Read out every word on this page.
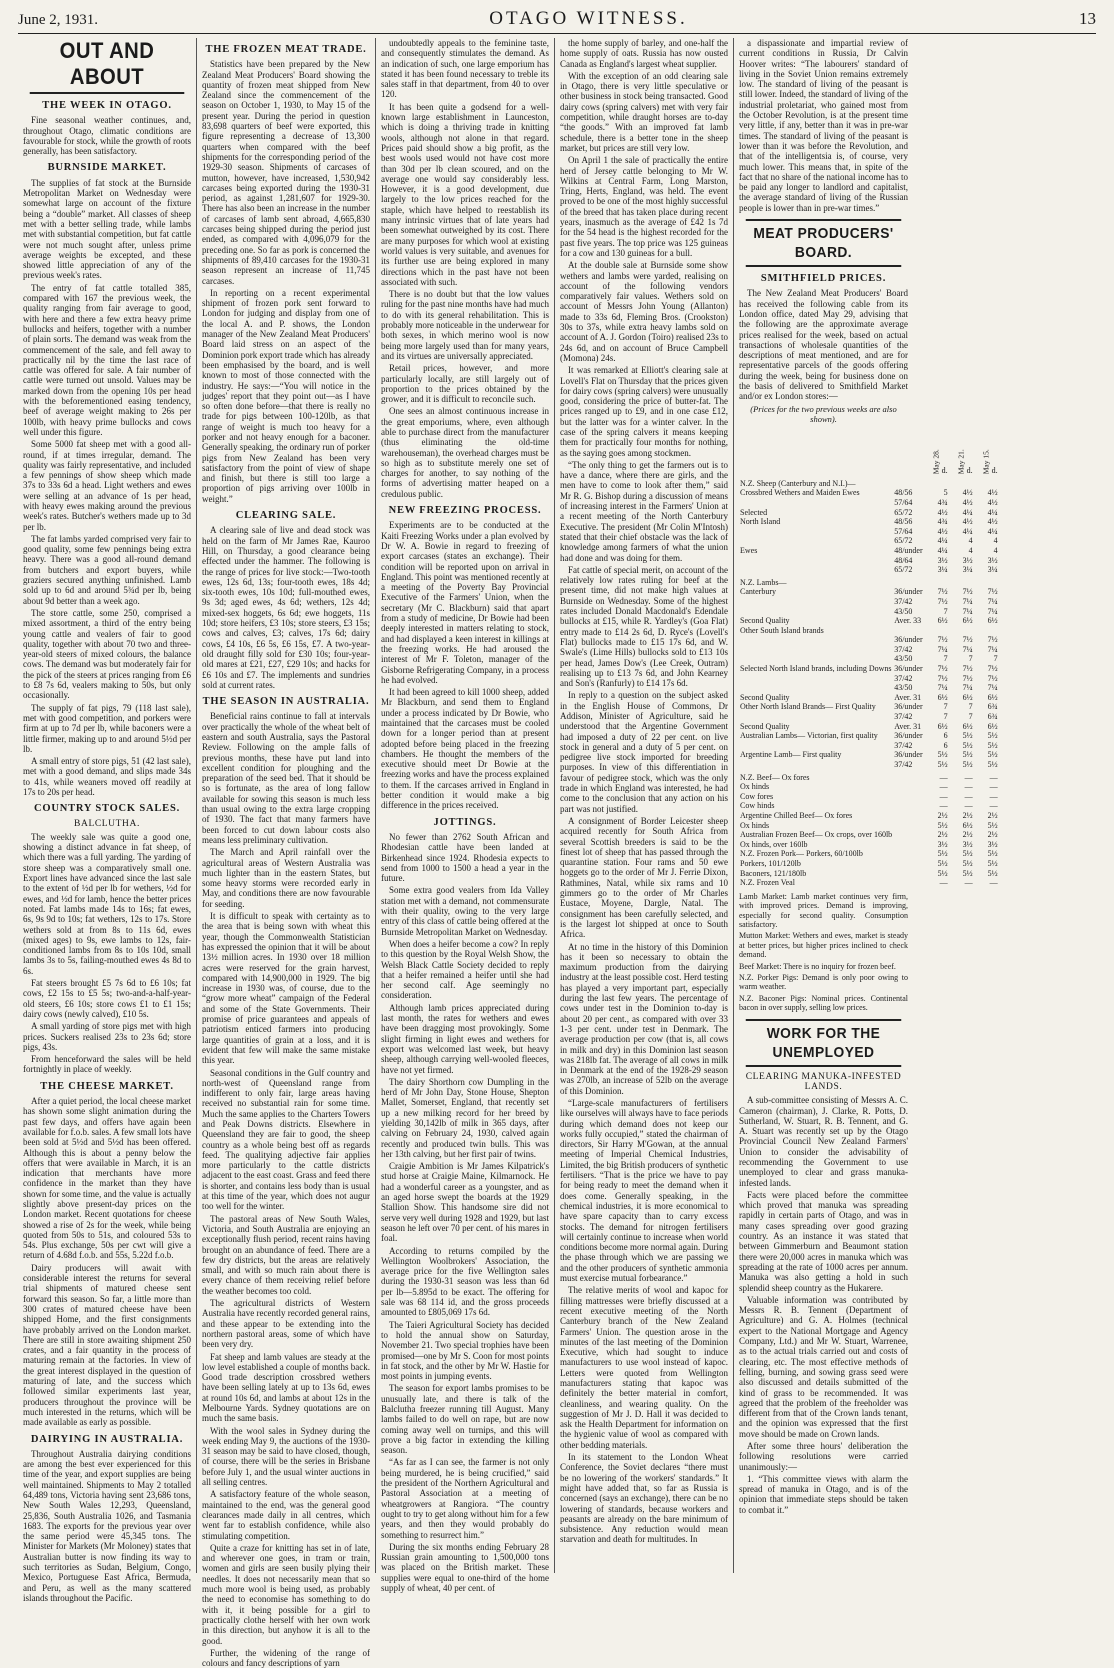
June 2, 1931.	OTAGO WITNESS.	13
OUT AND ABOUT
THE WEEK IN OTAGO.

Fine seasonal weather continues, and, throughout Otago, climatic conditions are favourable for stock, while the growth of roots generally, has been satisfactory.

BURNSIDE MARKET.

The supplies of fat stock at the Burnside Metropolitan Market on Wednesday were somewhat large on account of the fixture being a “double” market. All classes of sheep met with a better selling trade, while lambs met with substantial competition, but fat cattle were not much sought after, unless prime average weights be excepted, and these showed little appreciation of any of the previous week's rates.

The entry of fat cattle totalled 385, compared with 167 the previous week, the quality ranging from fair average to good, with here and there a few extra heavy prime bullocks and heifers, together with a number of plain sorts. The demand was weak from the commencement of the sale, and fell away to practically nil by the time the last race of cattle was offered for sale. A fair number of cattle were turned out unsold. Values may be marked down from the opening 10s per head with the beforementioned easing tendency, beef of average weight making to 26s per 100lb, with heavy prime bullocks and cows well under this figure.

Some 5000 fat sheep met with a good all-round, if at times irregular, demand. The quality was fairly representative, and included a few pennings of show sheep which made 37s to 33s 6d a head. Light wethers and ewes were selling at an advance of 1s per head, with heavy ewes making around the previous week's rates. Butcher's wethers made up to 3d per lb.

The fat lambs yarded comprised very fair to good quality, some few pennings being extra heavy. There was a good all-round demand from butchers and export buyers, while graziers secured anything unfinished. Lamb sold up to 6d and around 5¾d per lb, being about 9d better than a week ago.

The store cattle, some 250, comprised a mixed assortment, a third of the entry being young cattle and vealers of fair to good quality, together with about 70 two and three-year-old steers of mixed colours, the balance cows. The demand was but moderately fair for the pick of the steers at prices ranging from £6 to £8 7s 6d, vealers making to 50s, but only occasionally.

The supply of fat pigs, 79 (118 last sale), met with good competition, and porkers were firm at up to 7d per lb, while baconers were a little firmer, making up to and around 5½d per lb.

A small entry of store pigs, 51 (42 last sale), met with a good demand, and slips made 34s to 41s, while weaners moved off readily at 17s to 20s per head.

COUNTRY STOCK SALES.
BALCLUTHA.

The weekly sale was quite a good one, showing a distinct advance in fat sheep, of which there was a full yarding. The yarding of store sheep was a comparatively small one. Export lines have advanced since the last sale to the extent of ½d per lb for wethers, ½d for ewes, and ½d for lamb, hence the better prices noted. Fat lambs made 14s to 16s; fat ewes, 6s, 9s 9d to 10s; fat wethers, 12s to 17s. Store wethers sold at from 8s to 11s 6d, ewes (mixed ages) to 9s, ewe lambs to 12s, fair-conditioned lambs from 8s to 10s 10d, small lambs 3s to 5s, failing-mouthed ewes 4s 8d to 6s.

Fat steers brought £5 7s 6d to £6 10s; fat cows, £2 15s to £5 5s; two-and-a-half-year-old steers, £6 10s; store cows £1 to £1 15s; dairy cows (newly calved), £10 5s.

A small yarding of store pigs met with high prices. Suckers realised 23s to 23s 6d; store pigs, 43s.

From henceforward the sales will be held fortnightly in place of weekly.

THE CHEESE MARKET.

After a quiet period, the local cheese market has shown some slight animation during the past few days, and offers have again been available for f.o.b. sales. A few small lots have been sold at 5½d and 5½d has been offered. Although this is about a penny below the offers that were available in March, it is an indication that merchants have more confidence in the market than they have shown for some time, and the value is actually slightly above present-day prices on the London market. Recent quotations for cheese showed a rise of 2s for the week, while being quoted from 50s to 51s, and coloured 53s to 54s. Plus exchange, 50s per cwt will give a return of 4.68d f.o.b. and 55s, 5.22d f.o.b.

Dairy producers will await with considerable interest the returns for several trial shipments of matured cheese sent forward this season. So far, a little more than 300 crates of matured cheese have been shipped Home, and the first consignments have probably arrived on the London market. There are still in store awaiting shipment 250 crates, and a fair quantity in the process of maturing remain at the factories. In view of the great interest displayed in the question of maturing of late, and the success which followed similar experiments last year, producers throughout the province will be much interested in the returns, which will be made available as early as possible.

DAIRYING IN AUSTRALIA.

Throughout Australia dairying conditions are among the best ever experienced for this time of the year, and export supplies are being well maintained. Shipments to May 2 totalled 64,489 tons, Victoria having sent 23,686 tons, New South Wales 12,293, Queensland, 25,836, South Australia 1026, and Tasmania 1683. The exports for the previous year over the same period were 45,345 tons. The Minister for Markets (Mr Moloney) states that Australian butter is now finding its way to such territories as Sudan, Belgium, Congo, Mexico, Portuguese East Africa, Bermuda, and Peru, as well as the many scattered islands throughout the Pacific.

THE FROZEN MEAT TRADE.

Statistics have been prepared by the New Zealand Meat Producers' Board showing the quantity of frozen meat shipped from New Zealand since the commencement of the season on October 1, 1930, to May 15 of the present year. During the period in question 83,698 quarters of beef were exported, this figure representing a decrease of 13,300 quarters when compared with the beef shipments for the corresponding period of the 1929-30 season. Shipments of carcases of mutton, however, have increased, 1,530,942 carcases being exported during the 1930-31 period, as against 1,281,607 for 1929-30. There has also been an increase in the number of carcases of lamb sent abroad, 4,665,830 carcases being shipped during the period just ended, as compared with 4,096,079 for the preceding one. So far as pork is concerned the shipments of 89,410 carcases for the 1930-31 season represent an increase of 11,745 carcases.

In reporting on a recent experimental shipment of frozen pork sent forward to London for judging and display from one of the local A. and P. shows, the London manager of the New Zealand Meat Producers' Board laid stress on an aspect of the Dominion pork export trade which has already been emphasised by the board, and is well known to most of those connected with the industry. He says:—“You will notice in the judges' report that they point out—as I have so often done before—that there is really no trade for pigs between 100-120lb, as that range of weight is much too heavy for a porker and not heavy enough for a baconer. Generally speaking, the ordinary run of porker pigs from New Zealand has been very satisfactory from the point of view of shape and finish, but there is still too large a proportion of pigs arriving over 100lb in weight.”

CLEARING SALE.

A clearing sale of live and dead stock was held on the farm of Mr James Rae, Kauroo Hill, on Thursday, a good clearance being effected under the hammer. The following is the range of prices for live stock:—Two-tooth ewes, 12s 6d, 13s; four-tooth ewes, 18s 4d; six-tooth ewes, 10s 10d; full-mouthed ewes, 9s 3d; aged ewes, 4s 6d; wethers, 12s 4d; mixed-sex hoggets, 6s 6d; ewe hoggets, 11s 10d; store heifers, £3 10s; store steers, £3 15s; cows and calves, £3; calves, 17s 6d; dairy cows, £4 10s, £6 5s, £6 15s, £7. A two-year-old draught filly sold for £30 10s; four-year-old mares at £21, £27, £29 10s; and hacks for £6 10s and £7. The implements and sundries sold at current rates.

THE SEASON IN AUSTRALIA.

Beneficial rains continue to fall at intervals over practically the whole of the wheat belt of eastern and south Australia, says the Pastoral Review. Following on the ample falls of previous months, these have put land into excellent condition for ploughing and the preparation of the seed bed. That it should be so is fortunate, as the area of long fallow available for sowing this season is much less than usual owing to the extra large cropping of 1930. The fact that many farmers have been forced to cut down labour costs also means less preliminary cultivation.

The March and April rainfall over the agricultural areas of Western Australia was much lighter than in the eastern States, but some heavy storms were recorded early in May, and conditions there are now favourable for seeding.

It is difficult to speak with certainty as to the area that is being sown with wheat this year, though the Commonwealth Statistician has expressed the opinion that it will be about 13½ million acres. In 1930 over 18 million acres were reserved for the grain harvest, compared with 14,900,000 in 1929. The big increase in 1930 was, of course, due to the “grow more wheat” campaign of the Federal and some of the State Governments. Their promise of price guarantees and appeals of patriotism enticed farmers into producing large quantities of grain at a loss, and it is evident that few will make the same mistake this year.

Seasonal conditions in the Gulf country and north-west of Queensland range from indifferent to only fair, large areas having received no substantial rain for some time. Much the same applies to the Charters Towers and Peak Downs districts. Elsewhere in Queensland they are fair to good, the sheep country as a whole being best off as regards feed. The qualitying adjective fair applies more particularly to the cattle districts adjacent to the east coast. Grass and feed there is shorter, and contains less body than is usual at this time of the year, which does not augur too well for the winter.

The pastoral areas of New South Wales, Victoria, and South Australia are enjoying an exceptionally flush period, recent rains having brought on an abundance of feed. There are a few dry districts, but the areas are relatively small, and with so much rain about there is every chance of them receiving relief before the weather becomes too cold.

The agricultural districts of Western Australia have recently recorded general rains, and these appear to be extending into the northern pastoral areas, some of which have been very dry.

Fat sheep and lamb values are steady at the low level established a couple of months back. Good trade description crossbred wethers have been selling lately at up to 13s 6d, ewes at round 10s 6d, and lambs at about 12s in the Melbourne Yards. Sydney quotations are on much the same basis.

With the wool sales in Sydney during the week ending May 9, the auctions of the 1930-31 season may be said to have closed, though, of course, there will be the series in Brisbane before July 1, and the usual winter auctions in all selling centres.

A satisfactory feature of the whole season, maintained to the end, was the general good clearances made daily in all centres, which went far to establish confidence, while also stimulating competition.

Quite a craze for knitting has set in of late, and wherever one goes, in tram or train, women and girls are seen busily plying their needles. It does not necessarily mean that so much more wool is being used, as probably the need to economise has something to do with it, it being possible for a girl to practically clothe herself with her own work in this direction, but anyhow it is all to the good.

Further, the widening of the range of colours and fancy descriptions of yarn

undoubtedly appeals to the feminine taste, and consequently stimulates the demand. As an indication of such, one large emporium has stated it has been found necessary to treble its sales staff in that department, from 40 to over 120.

It has been quite a godsend for a well-known large establishment in Launceston, which is doing a thriving trade in knitting wools, although not alone in that regard. Prices paid should show a big profit, as the best wools used would not have cost more than 30d per lb clean scoured, and on the average one would say considerably less. However, it is a good development, due largely to the low prices reached for the staple, which have helped to reestablish its many intrinsic virtues that of late years had been somewhat outweighed by its cost. There are many purposes for which wool at existing world values is very suitable, and avenues for its further use are being explored in many directions which in the past have not been associated with such.

There is no doubt but that the low values ruling for the past nine months have had much to do with its general rehabilitation. This is probably more noticeable in the underwear for both sexes, in which merino wool is now being more largely used than for many years, and its virtues are universally appreciated.

Retail prices, however, and more particularly locally, are still largely out of proportion to the prices obtained by the grower, and it is difficult to reconcile such.

One sees an almost continuous increase in the great emporiums, where, even although able to purchase direct from the manufacturer (thus eliminating the old-time warehouseman), the overhead charges must be so high as to substitute merely one set of charges for another, to say nothing of the forms of advertising matter heaped on a credulous public.

NEW FREEZING PROCESS.

Experiments are to be conducted at the Kaiti Freezing Works under a plan evolved by Dr W. A. Bowie in regard to freezing of export carcases (states an exchange). Their condition will be reported upon on arrival in England. This point was mentioned recently at a meeting of the Poverty Bay Provincial Executive of the Farmers' Union, when the secretary (Mr C. Blackburn) said that apart from a study of medicine, Dr Bowie had been deeply interested in matters relating to stock, and had displayed a keen interest in killings at the freezing works. He had aroused the interest of Mr F. Toleton, manager of the Gisborne Refrigerating Company, in a process he had evolved.

It had been agreed to kill 1000 sheep, added Mr Blackburn, and send them to England under a process indicated by Dr Bowie, who maintained that the carcases must be cooled down for a longer period than at present adopted before being placed in the freezing chambers. He thought the members of the executive should meet Dr Bowie at the freezing works and have the process explained to them. If the carcases arrived in England in better condition it would make a big difference in the prices received.

JOTTINGS.

No fewer than 2762 South African and Rhodesian cattle have been landed at Birkenhead since 1924. Rhodesia expects to send from 1000 to 1500 a head a year in the future.

Some extra good vealers from Ida Valley station met with a demand, not commensurate with their quality, owing to the very large entry of this class of cattle being offered at the Burnside Metropolitan Market on Wednesday.

When does a heifer become a cow? In reply to this question by the Royal Welsh Show, the Welsh Black Cattle Society decided to reply that a heifer remained a heifer until she had her second calf. Age seemingly no consideration.

Although lamb prices appreciated during last month, the rates for wethers and ewes have been dragging most provokingly. Some slight firming in light ewes and wethers for export was welcomed last week, but heavy sheep, although carrying well-wooled fleeces, have not yet firmed.

The dairy Shorthorn cow Dumpling in the herd of Mr John Day, Stone House, Shepton Mallet, Somerset, England, that recently set up a new milking record for her breed by yielding 30,142lb of milk in 365 days, after calving on February 24, 1930, calved again recently and produced twin bulls. This was her 13th calving, but her first pair of twins.

Craigie Ambition is Mr James Kilpatrick's stud horse at Craigie Maine, Kilmarnock. He had a wonderful career as a youngster, and as an aged horse swept the boards at the 1929 Stallion Show. This handsome sire did not serve very well during 1928 and 1929, but last season he left over 70 per cent. of his mares in foal.

According to returns compiled by the Wellington Woolbrokers' Association, the average price for the five Wellington sales during the 1930-31 season was less than 6d per lb—5.895d to be exact. The offering for sale was 68 114 id, and the gross proceeds amounted to £805,069 17s 6d.

The Taieri Agricultural Society has decided to hold the annual show on Saturday, November 21. Two special trophies have been promised—one by Mr S. Coon for most points in fat stock, and the other by Mr W. Hastie for most points in jumping events.

The season for export lambs promises to be unusually late, and there is talk of the Balclutha freezer running till August. Many lambs failed to do well on rape, but are now coming away well on turnips, and this will prove a big factor in extending the killing season.

“As far as I can see, the farmer is not only being murdered, he is being crucified,” said the president of the Northern Agricultural and Pastoral Association at a meeting of wheatgrowers at Rangiora. “The country ought to try to get along without him for a few years, and then they would probably do something to resurrect him.”

During the six months ending February 28 Russian grain amounting to 1,500,000 tons was placed on the British market. These supplies were equal to one-third of the home supply of wheat, 40 per cent. of

the home supply of barley, and one-half the home supply of oats. Russia has now ousted Canada as England's largest wheat supplier.

With the exception of an odd clearing sale in Otago, there is very little speculative or other business in stock being transacted. Good dairy cows (spring calvers) met with very fair competition, while draught horses are to-day “the goods.” With an improved fat lamb schedule, there is a better tone in the sheep market, but prices are still very low.

On April 1 the sale of practically the entire herd of Jersey cattle belonging to Mr W. Wilkins at Central Farm, Long Marston, Tring, Herts, England, was held. The event proved to be one of the most highly successful of the breed that has taken place during recent years, inasmuch as the average of £42 1s 7d for the 54 head is the highest recorded for the past five years. The top price was 125 guineas for a cow and 130 guineas for a bull.

At the double sale at Burnside some show wethers and lambs were yarded, realising on account of the following vendors comparatively fair values. Wethers sold on account of Messrs John Young (Allanton) made to 33s 6d, Fleming Bros. (Crookston) 30s to 37s, while extra heavy lambs sold on account of A. J. Gordon (Toiro) realised 23s to 24s 6d, and on account of Bruce Campbell (Momona) 24s.

It was remarked at Elliott's clearing sale at Lovell's Flat on Thursday that the prices given for dairy cows (spring calvers) were unusually good, considering the price of butter-fat. The prices ranged up to £9, and in one case £12, but the latter was for a winter calver. In the case of the spring calvers it means keeping them for practically four months for nothing, as the saying goes among stockmen.

“The only thing to get the farmers out is to have a dance, where there are girls, and the men have to come to look after them,” said Mr R. G. Bishop during a discussion of means of increasing interest in the Farmers' Union at a recent meeting of the North Canterbury Executive. The president (Mr Colin M'Intosh) stated that their chief obstacle was the lack of knowledge among farmers of what the union had done and was doing for them.

Fat cattle of special merit, on account of the relatively low rates ruling for beef at the present time, did not make high values at Burnside on Wednesday. Some of the highest rates included Donald Macdonald's Edendale bullocks at £15, while R. Yardley's (Goa Flat) entry made to £14 2s 6d, D. Ryce's (Lovell's Flat) bullocks made to £15 17s 6d, and W. Swale's (Lime Hills) bullocks sold to £13 10s per head, James Dow's (Lee Creek, Outram) realising up to £13 7s 6d, and John Kearney and Son's (Ranfurly) to £14 17s 6d.

In reply to a question on the subject asked in the English House of Commons, Dr Addison, Minister of Agriculture, said he understood that the Argentine Government had imposed a duty of 22 per cent. on live stock in general and a duty of 5 per cent. on pedigree live stock imported for breeding purposes. In view of this differentiation in favour of pedigree stock, which was the only trade in which England was interested, he had come to the conclusion that any action on his part was not justified.

A consignment of Border Leicester sheep acquired recently for South Africa from several Scottish breeders is said to be the finest lot of sheep that has passed through the quarantine station. Four rams and 50 ewe hoggets go to the order of Mr J. Ferrie Dixon, Rathmines, Natal, while six rams and 10 gimmers go to the order of Mr Charles Eustace, Moyene, Dargle, Natal. The consignment has been carefully selected, and is the largest lot shipped at once to South Africa.

At no time in the history of this Dominion has it been so necessary to obtain the maximum production from the dairying industry at the least possible cost. Herd testing has played a very important part, especially during the last few years. The percentage of cows under test in the Dominion to-day is about 20 per cent., as compared with over 33 1-3 per cent. under test in Denmark. The average production per cow (that is, all cows in milk and dry) in this Dominion last season was 218lb fat. The average of all cows in milk in Denmark at the end of the 1928-29 season was 270lb, an increase of 52lb on the average of this Dominion.

“Large-scale manufacturers of fertilisers like ourselves will always have to face periods during which demand does not keep our works fully occupied,” stated the chairman of directors, Sir Harry M'Gowan, at the annual meeting of Imperial Chemical Industries, Limited, the big British producers of synthetic fertilisers. “That is the price we have to pay for being ready to meet the demand when it does come. Generally speaking, in the chemical industries, it is more economical to have spare capacity than to carry excess stocks. The demand for nitrogen fertilisers will certainly continue to increase when world conditions become more normal again. During the phase through which we are passing we and the other producers of synthetic ammonia must exercise mutual forbearance.”

The relative merits of wool and kapoc for filling mattresses were briefly discussed at a recent executive meeting of the North Canterbury branch of the New Zealand Farmers' Union. The question arose in the minutes of the last meeting of the Dominion Executive, which had sought to induce manufacturers to use wool instead of kapoc. Letters were quoted from Wellington manufacturers stating that kapoc was definitely the better material in comfort, cleanliness, and wearing quality. On the suggestion of Mr J. D. Hall it was decided to ask the Health Department for information on the hygienic value of wool as compared with other bedding materials.

In its statement to the London Wheat Conference, the Soviet declares “there must be no lowering of the workers' standards.” It might have added that, so far as Russia is concerned (says an exchange), there can be no lowering of standards, because workers and peasants are already on the bare minimum of subsistence. Any reduction would mean starvation and death for multitudes. In

a dispassionate and impartial review of current conditions in Russia, Dr Calvin Hoover writes: “The labourers' standard of living in the Soviet Union remains extremely low. The standard of living of the peasant is still lower. Indeed, the standard of living of the industrial proletariat, who gained most from the October Revolution, is at the present time very little, if any, better than it was in pre-war times. The standard of living of the peasant is lower than it was before the Revolution, and that of the intelligentsia is, of course, very much lower. This means that, in spite of the fact that no share of the national income has to be paid any longer to landlord and capitalist, the average standard of living of the Russian people is lower than in pre-war times.”

MEAT PRODUCERS' BOARD.
SMITHFIELD PRICES.

The New Zealand Meat Producers' Board has received the following cable from its London office, dated May 29, advising that the following are the approximate average prices realised for the week, based on actual transactions of wholesale quantities of the descriptions of meat mentioned, and are for representative parcels of the goods offering during the week, being for business done on the basis of delivered to Smithfield Market and/or ex London stores:—

(Prices for the two previous weeks are also shown).
		May 28.	May 21.	May 15.
		d.	d.	d.
N.Z. Sheep (Canterbury and N.I.)—				
Crossbred Wethers and Maiden Ewes	48/56	5	4½	4½
	57/64	4¾	4½	4½
Selected	65/72	4½	4¼	4¼
North Island	48/56	4¾	4½	4½
	57/64	4½	4¼	4¼
	65/72	4¼	4	4
Ewes	48/under	4¼	4	4
	48/64	3½	3½	3½
	65/72	3¼	3¼	3¼
N.Z. Lambs—				
Canterbury	36/under	7½	7½	7½
	37/42	7½	7¼	7¼
	43/50	7	7¼	7¼
Second Quality	Aver. 33	6½	6½	6½
Other South Island brands				
	36/under	7½	7½	7½
	37/42	7¼	7¼	7¼
	43/50	7	7	7
Selected North Island brands, including Downs	36/under	7½	7½	7½
	37/42	7½	7½	7½
	43/50	7¼	7¼	7¼
Second Quality	Aver. 31	6½	6½	6½
Other North Island Brands— First Quality	36/under	7	7	6¾
	37/42	7	7	6¾
Second Quality	Aver. 31	6½	6½	6½
Australian Lambs— Victorian, first quality	36/under	6	5½	5½
	37/42	6	5½	5½
Argentine Lamb— First quality	36/under	5½	5½	5½
	37/42	5½	5½	5½
N.Z. Beef— Ox fores		—	—	—
Ox hinds		—	—	—
Cow fores		—	—	—
Cow hinds		—	—	—
Argentine Chilled Beef— Ox fores		2½	2½	2½
Ox hinds		5½	6½	5½
Australian Frozen Beef— Ox crops, over 160lb		2½	2½	2½
Ox hinds, over 160lb		3½	3½	3½
N.Z. Frozen Pork— Porkers, 60/100lb		5½	5½	5½
Porkers, 101/120lb		5½	5½	5½
Baconers, 121/180lb		5½	5½	5½
N.Z. Frozen Veal		—	—	—

Lamb Market: Lamb market continues very firm, with improved prices. Demand is improving, especially for second quality. Consumption satisfactory.

Mutton Market: Wethers and ewes, market is steady at better prices, but higher prices inclined to check demand.

Beef Market: There is no inquiry for frozen beef.

N.Z. Porker Pigs: Demand is only poor owing to warm weather.

N.Z. Baconer Pigs: Nominal prices. Continental bacon in over supply, selling low prices.

WORK FOR THE UNEMPLOYED
CLEARING MANUKA-INFESTED LANDS.

A sub-committee consisting of Messrs A. C. Cameron (chairman), J. Clarke, R. Potts, D. Sutherland, W. Stuart, R. B. Tennent, and G. A. Stuart was recently set up by the Otago Provincial Council New Zealand Farmers' Union to consider the advisability of recommending the Government to use unemployed to clear and grass manuka-infested lands.

Facts were placed before the committee which proved that manuka was spreading rapidly in certain parts of Otago, and was in many cases spreading over good grazing country. As an instance it was stated that between Gimmerburn and Beaumont station there were 20,000 acres in manuka which was spreading at the rate of 1000 acres per annum. Manuka was also getting a hold in such splendid sheep country as the Hukarere.

Valuable information was contributed by Messrs R. B. Tennent (Department of Agriculture) and G. A. Holmes (technical expert to the National Mortgage and Agency Company, Ltd.) and Mr W. Stuart, Warrenee, as to the actual trials carried out and costs of clearing, etc. The most effective methods of felling, burning, and sowing grass seed were also discussed and details submitted of the kind of grass to be recommended. It was agreed that the problem of the freeholder was different from that of the Crown lands tenant, and the opinion was expressed that the first move should be made on Crown lands.

After some three hours' deliberation the following resolutions were carried unanimously:—

1. “This committee views with alarm the spread of manuka in Otago, and is of the opinion that immediate steps should be taken to combat it.”
